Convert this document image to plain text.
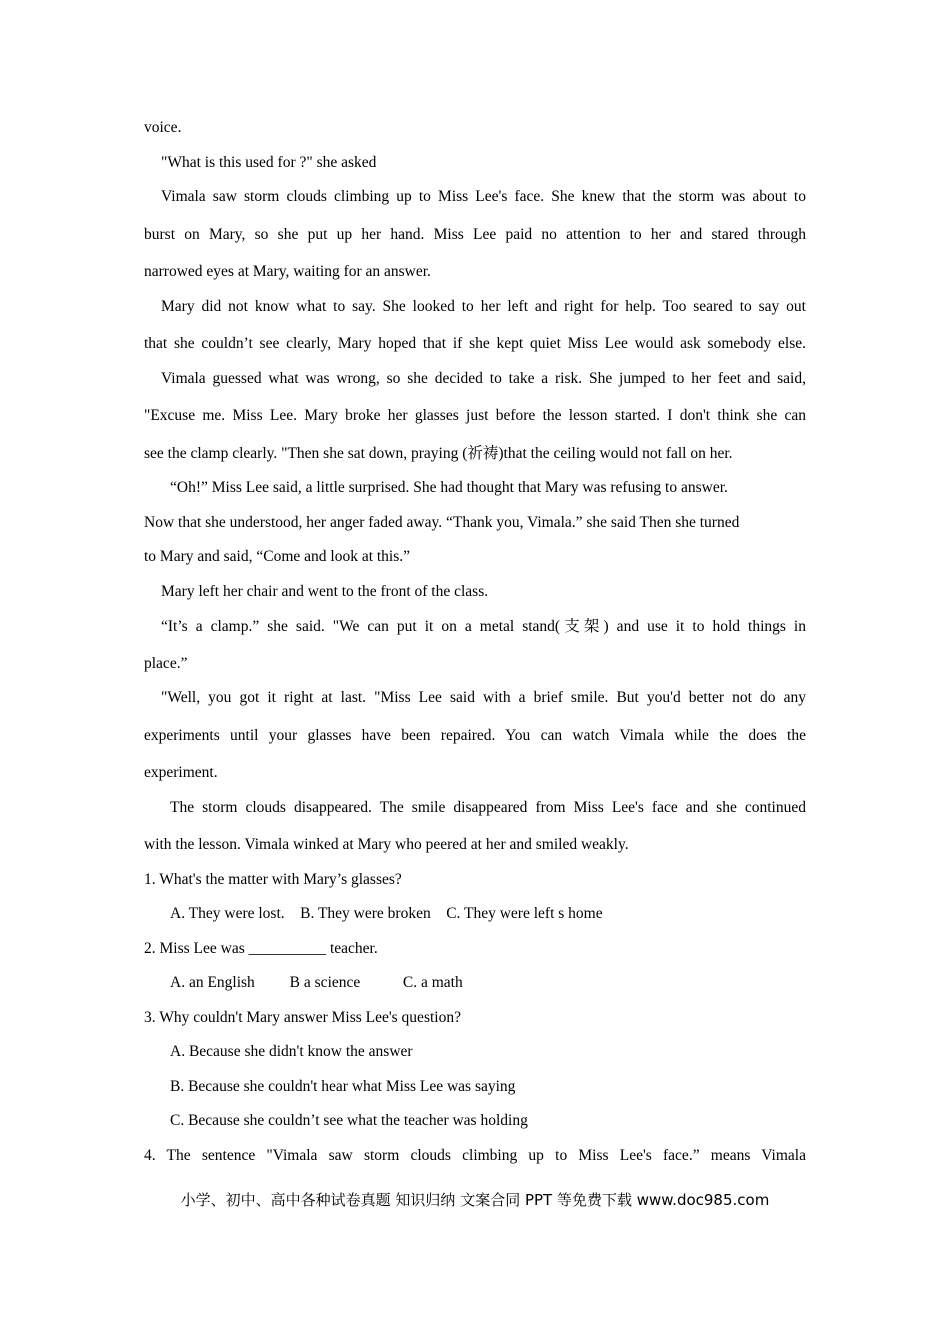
voice.
"What is this used for ?" she asked
Vimala saw storm clouds climbing up to Miss Lee's face. She knew that the storm was about to
burst on Mary, so she put up her hand. Miss Lee paid no attention to her and stared through
narrowed eyes at Mary, waiting for an answer.
Mary did not know what to say. She looked to her left and right for help. Too seared to say out
that she couldn’t see clearly, Mary hoped that if she kept quiet Miss Lee would ask somebody else.
Vimala guessed what was wrong, so she decided to take a risk. She jumped to her feet and said,
"Excuse me. Miss Lee. Mary broke her glasses just before the lesson started. I don't think she can
see the clamp clearly. "Then she sat down, praying (祈祷)that the ceiling would not fall on her.
“Oh!” Miss Lee said, a little surprised. She had thought that Mary was refusing to answer.
Now that she understood, her anger faded away. “Thank you, Vimala.” she said Then she turned
to Mary and said, “Come and look at this.”
Mary left her chair and went to the front of the class.
“It’s a clamp.” she said. "We can put it on a metal stand(支架) and use it to hold things in
place.”
"Well, you got it right at last. "Miss Lee said with a brief smile. But you'd better not do any
experiments until your glasses have been repaired. You can watch Vimala while the does the
experiment.
The storm clouds disappeared. The smile disappeared from Miss Lee's face and she continued
with the lesson. Vimala winked at Mary who peered at her and smiled weakly.
1. What's the matter with Mary’s glasses?
A. They were lost.    B. They were broken    C. They were left s home
2. Miss Lee was __________ teacher.
A. an English         B a science           C. a math
3. Why couldn't Mary answer Miss Lee's question?
A. Because she didn't know the answer
B. Because she couldn't hear what Miss Lee was saying
C. Because she couldn’t see what the teacher was holding
4. The sentence "Vimala saw storm clouds climbing up to Miss Lee's face.” means Vimala
小学、初中、高中各种试卷真题 知识归纳 文案合同 PPT 等免费下载 www.doc985.com
